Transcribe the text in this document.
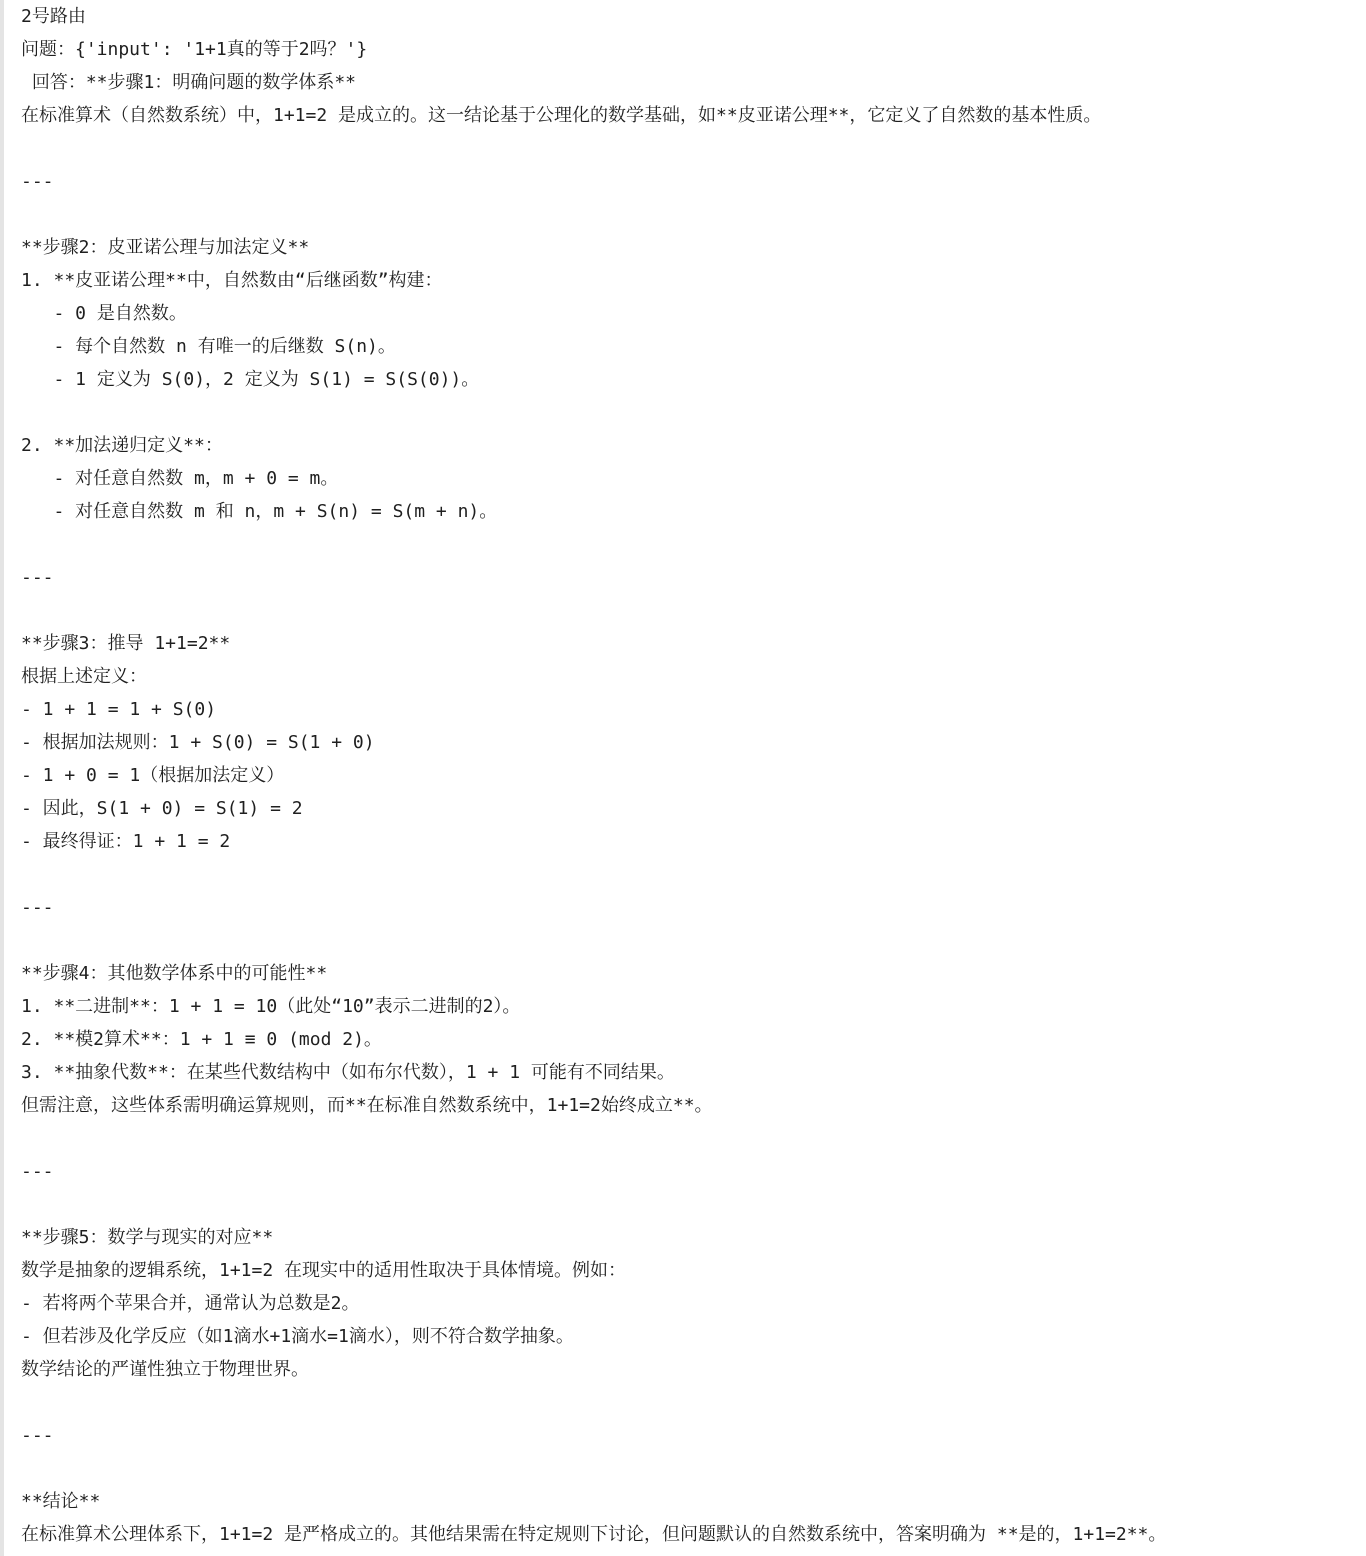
2号路由
问题：{'input': '1+1真的等于2吗？'}
回答：**步骤1：明确问题的数学体系**
在标准算术（自然数系统）中，1+1=2 是成立的。这一结论基于公理化的数学基础，如**皮亚诺公理**，它定义了自然数的基本性质。
---
**步骤2：皮亚诺公理与加法定义**
1. **皮亚诺公理**中，自然数由“后继函数”构建：
- 0 是自然数。
- 每个自然数 n 有唯一的后继数 S(n)。
- 1 定义为 S(0)，2 定义为 S(1) = S(S(0))。
2. **加法递归定义**：
- 对任意自然数 m，m + 0 = m。
- 对任意自然数 m 和 n，m + S(n) = S(m + n)。
---
**步骤3：推导 1+1=2**
根据上述定义：
- 1 + 1 = 1 + S(0)
- 根据加法规则：1 + S(0) = S(1 + 0)
- 1 + 0 = 1（根据加法定义）
- 因此，S(1 + 0) = S(1) = 2
- 最终得证：1 + 1 = 2
---
**步骤4：其他数学体系中的可能性**
1. **二进制**：1 + 1 = 10（此处“10”表示二进制的2）。
2. **模2算术**：1 + 1 ≡ 0 (mod 2)。
3. **抽象代数**：在某些代数结构中（如布尔代数），1 + 1 可能有不同结果。
但需注意，这些体系需明确运算规则，而**在标准自然数系统中，1+1=2始终成立**。
---
**步骤5：数学与现实的对应**
数学是抽象的逻辑系统，1+1=2 在现实中的适用性取决于具体情境。例如：
- 若将两个苹果合并，通常认为总数是2。
- 但若涉及化学反应（如1滴水+1滴水=1滴水），则不符合数学抽象。
数学结论的严谨性独立于物理世界。
---
**结论**
在标准算术公理体系下，1+1=2 是严格成立的。其他结果需在特定规则下讨论，但问题默认的自然数系统中，答案明确为 **是的，1+1=2**。
